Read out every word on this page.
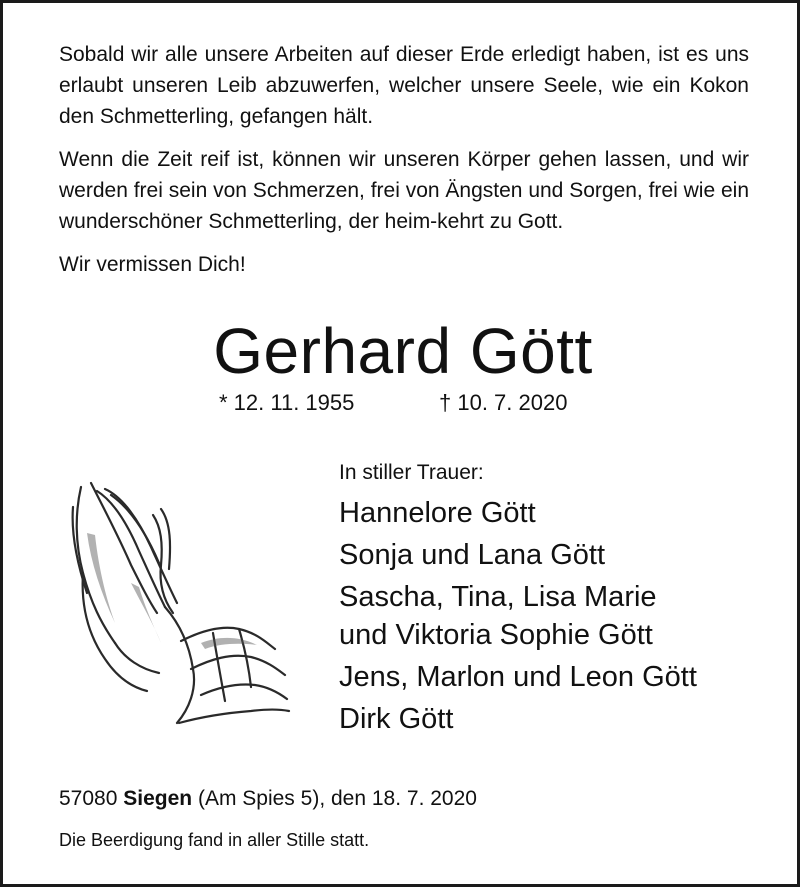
Sobald wir alle unsere Arbeiten auf dieser Erde erledigt haben, ist es uns erlaubt unseren Leib abzuwerfen, welcher unsere Seele, wie ein Kokon den Schmetterling, gefangen hält.

Wenn die Zeit reif ist, können wir unseren Körper gehen lassen, und wir werden frei sein von Schmerzen, frei von Ängsten und Sorgen, frei wie ein wunderschöner Schmetterling, der heim-kehrt zu Gott.

Wir vermissen Dich!

Gerhard Gött
* 12. 11. 1955	† 10. 7. 2020
In stiller Trauer:
Hannelore Gött
Sonja und Lana Gött
Sascha, Tina, Lisa Marie
und Viktoria Sophie Gött
Jens, Marlon und Leon Gött
Dirk Gött
57080 Siegen (Am Spies 5), den 18. 7. 2020
Die Beerdigung fand in aller Stille statt.
